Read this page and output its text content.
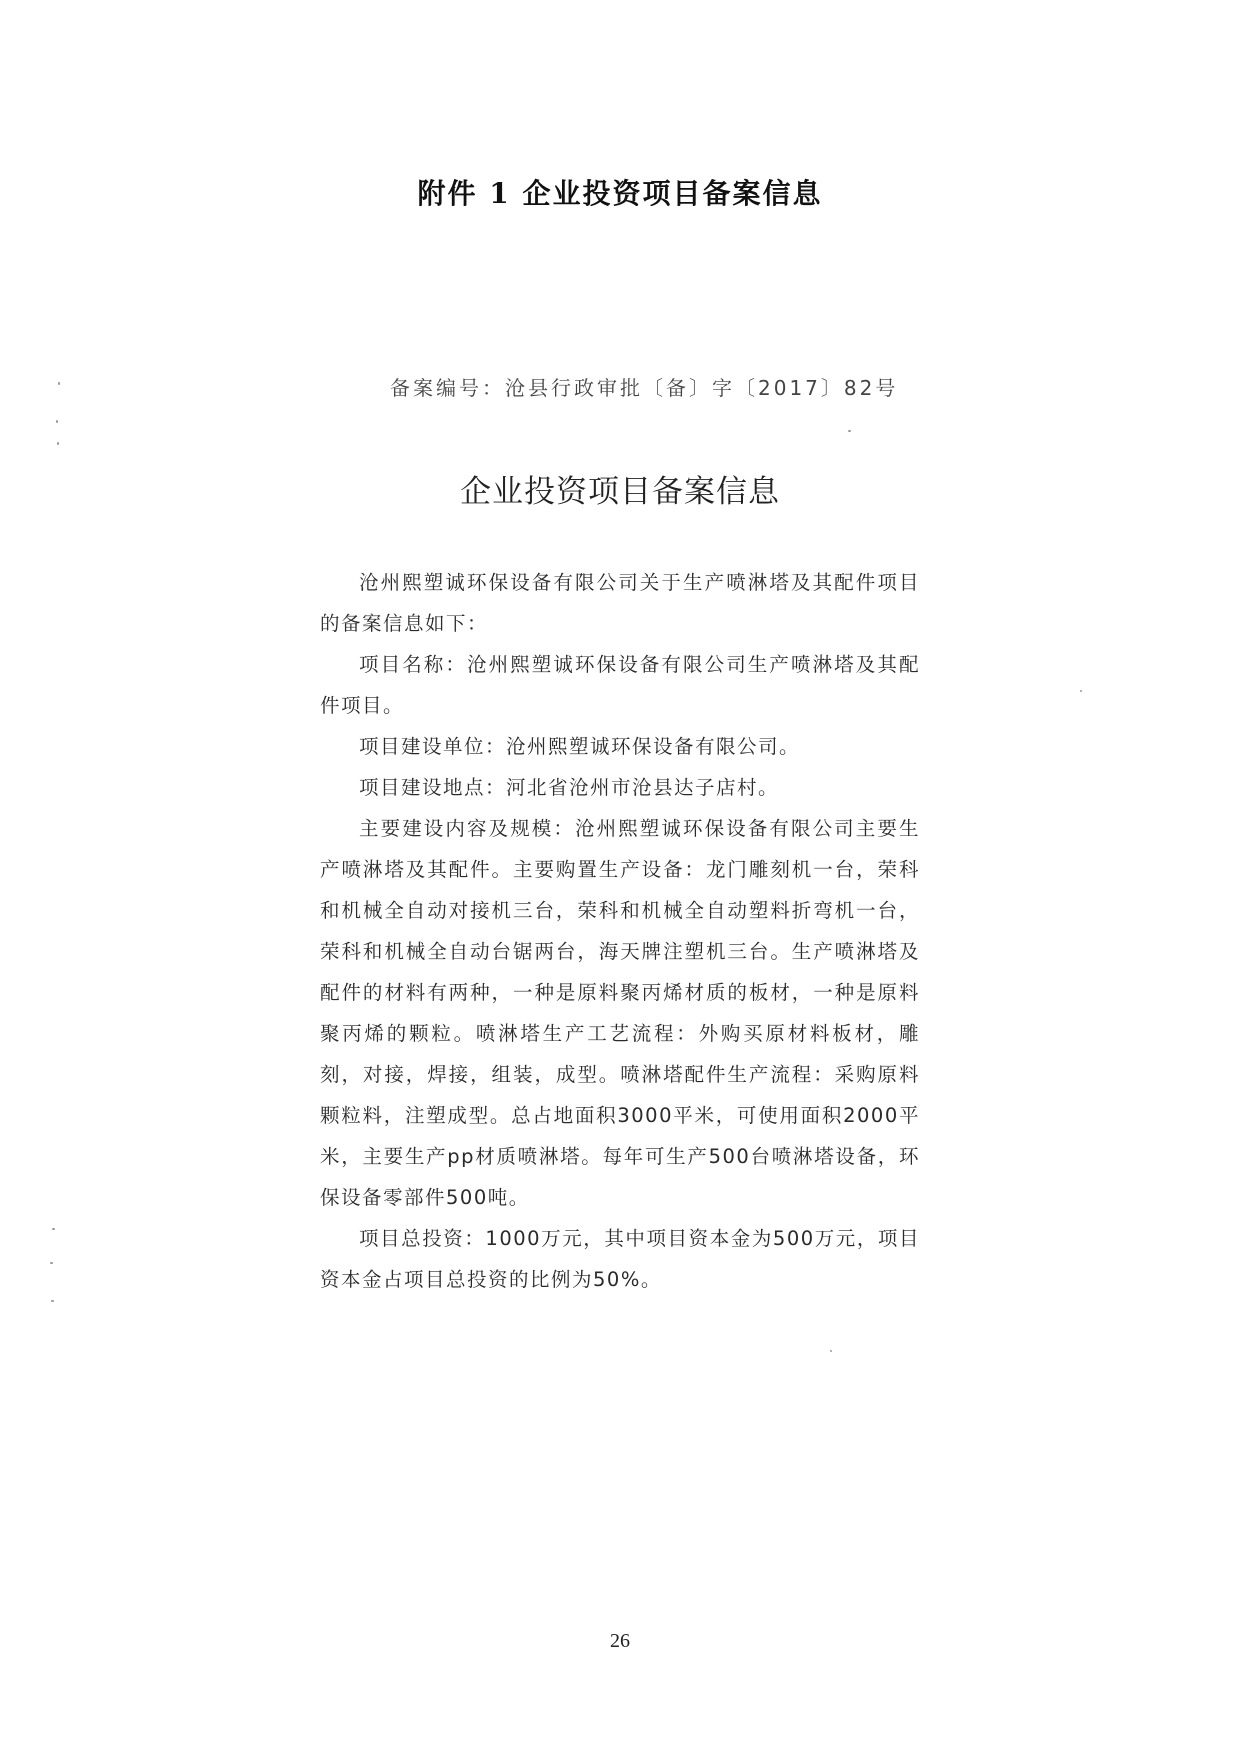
附件 1 企业投资项目备案信息
备案编号：沧县行政审批〔备〕字〔2017〕82号
企业投资项目备案信息

沧州熙塑诚环保设备有限公司关于生产喷淋塔及其配件项目的备案信息如下：

项目名称：沧州熙塑诚环保设备有限公司生产喷淋塔及其配件项目。

项目建设单位：沧州熙塑诚环保设备有限公司。

项目建设地点：河北省沧州市沧县达子店村。

主要建设内容及规模：沧州熙塑诚环保设备有限公司主要生产喷淋塔及其配件。主要购置生产设备：龙门雕刻机一台，荣科和机械全自动对接机三台，荣科和机械全自动塑料折弯机一台，荣科和机械全自动台锯两台，海天牌注塑机三台。生产喷淋塔及配件的材料有两种，一种是原料聚丙烯材质的板材，一种是原料聚丙烯的颗粒。喷淋塔生产工艺流程：外购买原材料板材，雕刻，对接，焊接，组装，成型。喷淋塔配件生产流程：采购原料颗粒料，注塑成型。总占地面积3000平米，可使用面积2000平米，主要生产pp材质喷淋塔。每年可生产500台喷淋塔设备，环保设备零部件500吨。

项目总投资：1000万元，其中项目资本金为500万元，项目资本金占项目总投资的比例为50%。

26
